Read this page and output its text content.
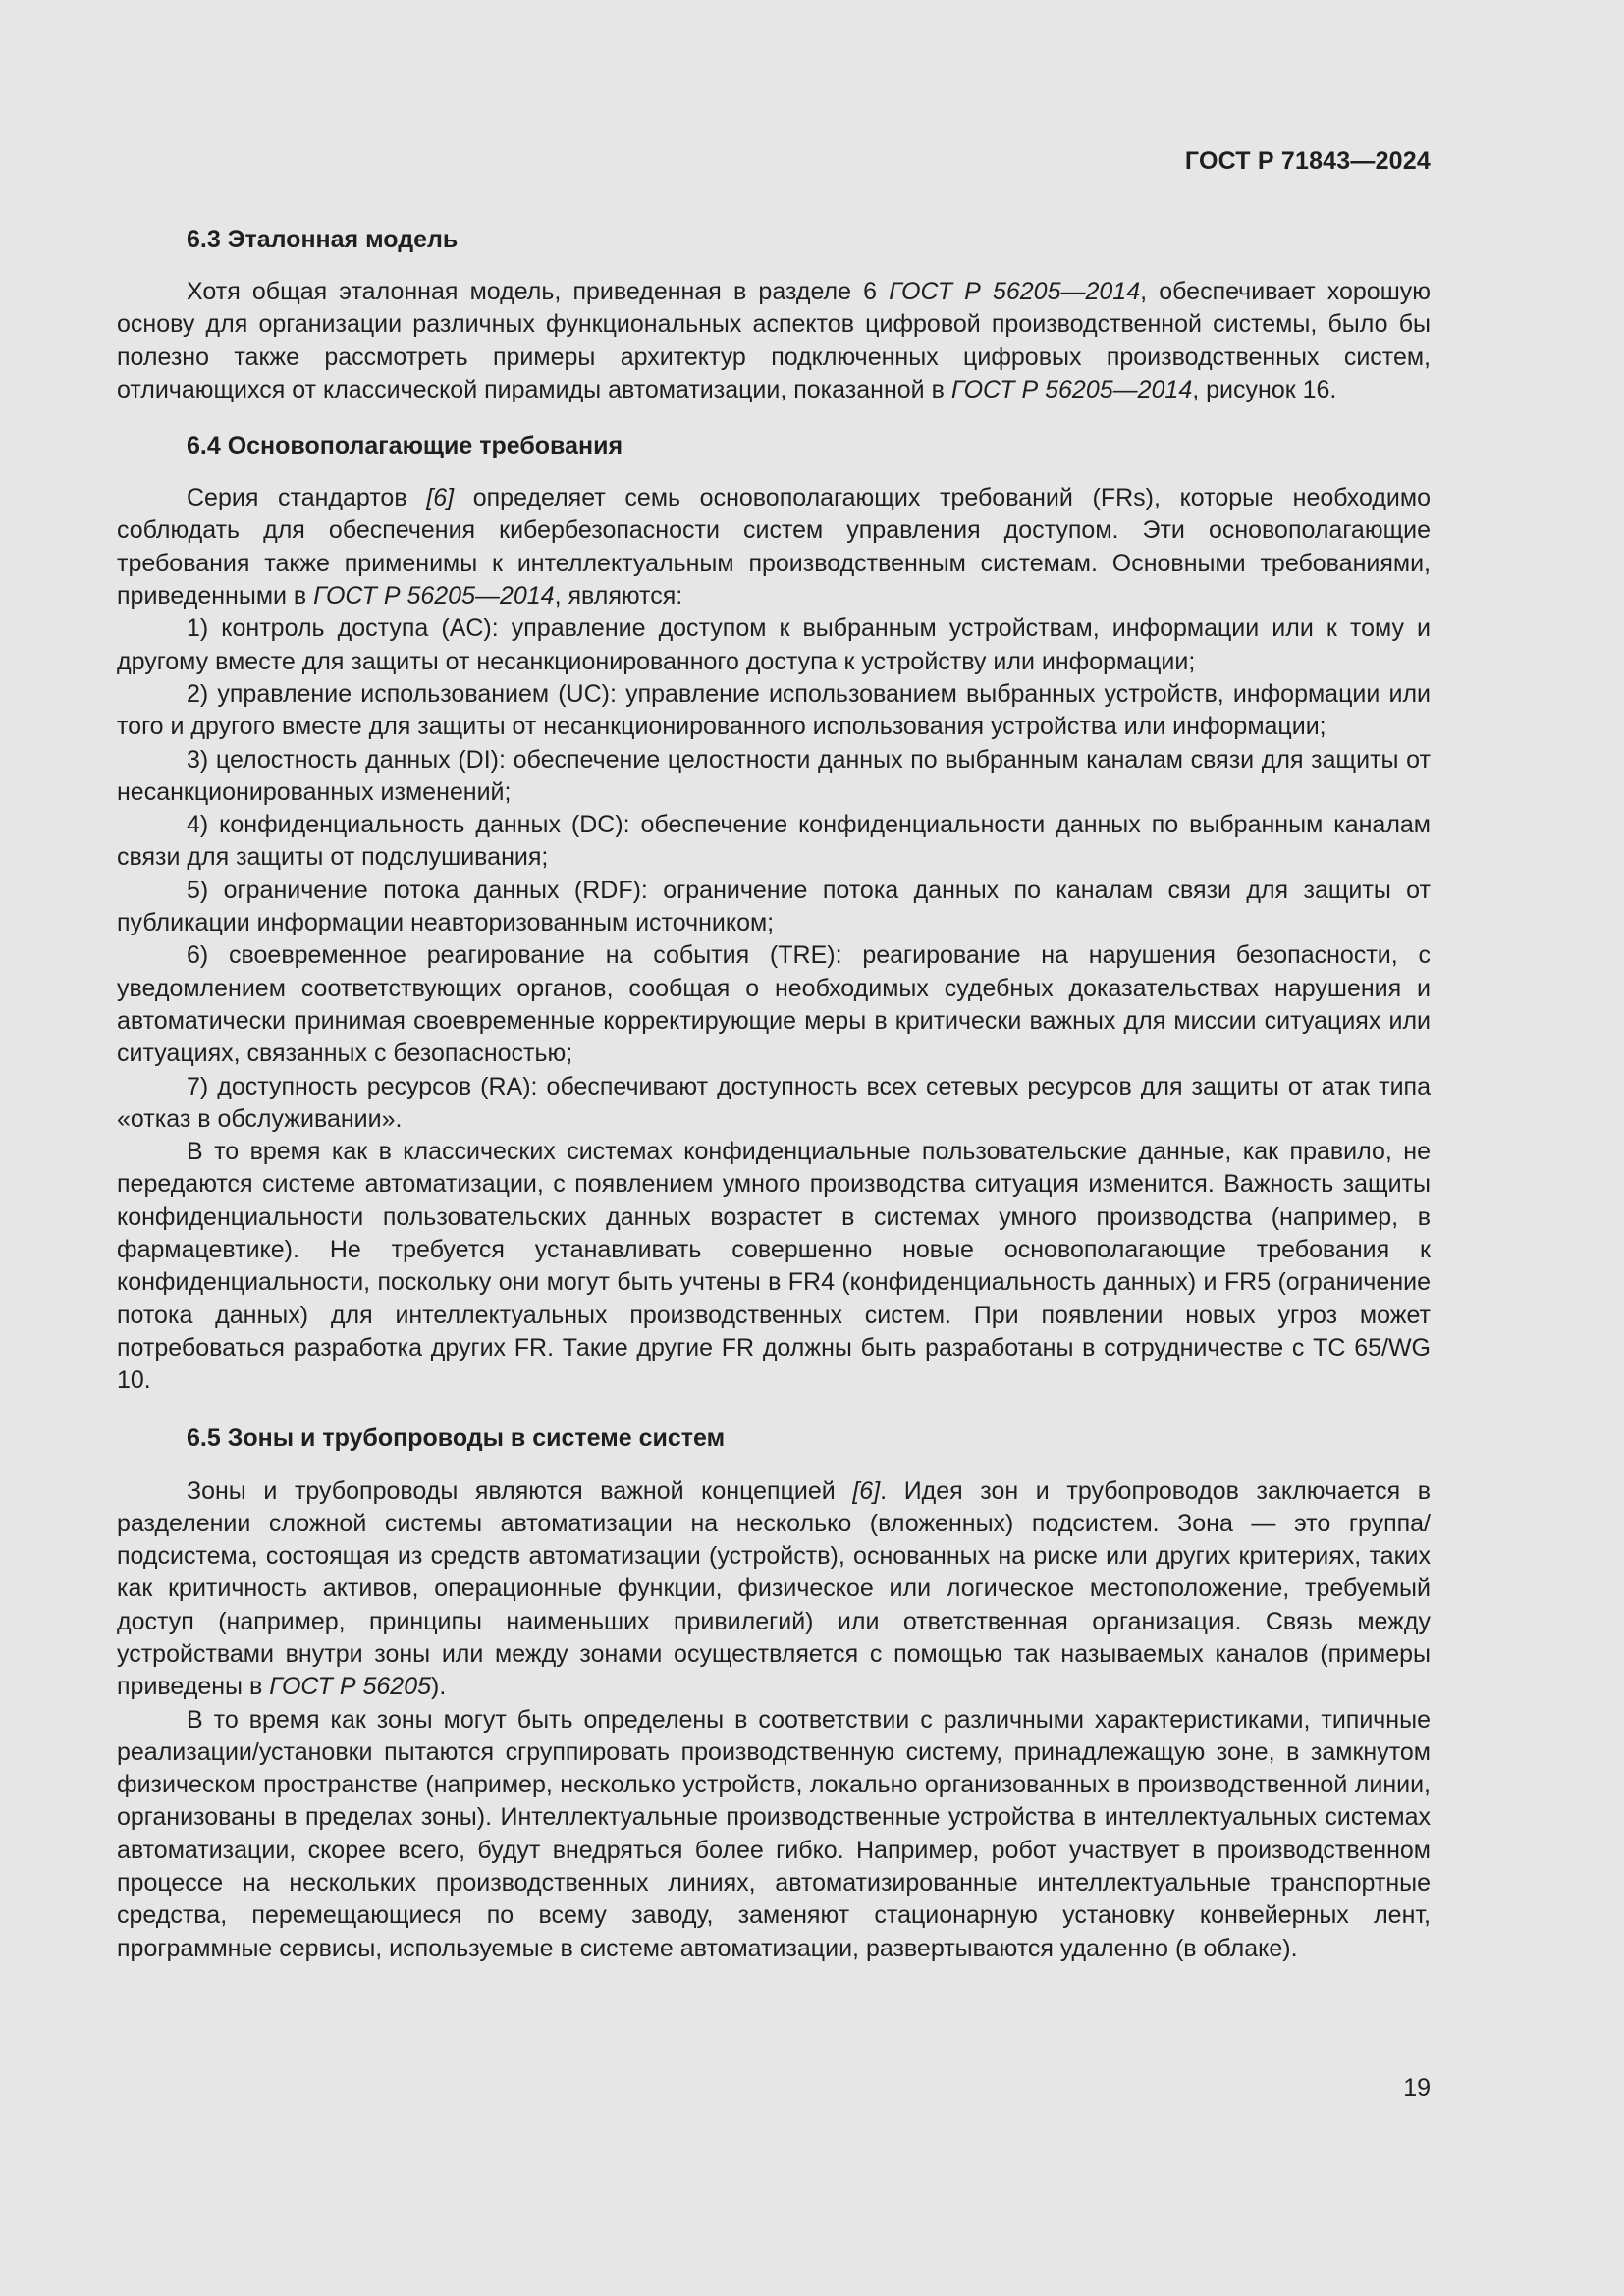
ГОСТ Р 71843—2024
6.3 Эталонная модель

Хотя общая эталонная модель, приведенная в разделе 6 ГОСТ Р 56205—2014, обеспечивает хорошую основу для организации различных функциональных аспектов цифровой производственной системы, было бы полезно также рассмотреть примеры архитектур подключенных цифровых производственных систем, отличающихся от классической пирамиды автоматизации, показанной в ГОСТ Р 56205—2014, рисунок 16.

6.4 Основополагающие требования

Серия стандартов [6] определяет семь основополагающих требований (FRs), которые необходимо соблюдать для обеспечения кибербезопасности систем управления доступом. Эти основополагающие требования также применимы к интеллектуальным производственным системам. Основными требованиями, приведенными в ГОСТ Р 56205—2014, являются:

1) контроль доступа (AC): управление доступом к выбранным устройствам, информации или к тому и другому вместе для защиты от несанкционированного доступа к устройству или информации;

2) управление использованием (UC): управление использованием выбранных устройств, информации или того и другого вместе для защиты от несанкционированного использования устройства или информации;

3) целостность данных (DI): обеспечение целостности данных по выбранным каналам связи для защиты от несанкционированных изменений;

4) конфиденциальность данных (DC): обеспечение конфиденциальности данных по выбранным каналам связи для защиты от подслушивания;

5) ограничение потока данных (RDF): ограничение потока данных по каналам связи для защиты от публикации информации неавторизованным источником;

6) своевременное реагирование на события (TRE): реагирование на нарушения безопасности, с уведомлением соответствующих органов, сообщая о необходимых судебных доказательствах нарушения и автоматически принимая своевременные корректирующие меры в критически важных для миссии ситуациях или ситуациях, связанных с безопасностью;

7) доступность ресурсов (RA): обеспечивают доступность всех сетевых ресурсов для защиты от атак типа «отказ в обслуживании».

В то время как в классических системах конфиденциальные пользовательские данные, как правило, не передаются системе автоматизации, с появлением умного производства ситуация изменится. Важность защиты конфиденциальности пользовательских данных возрастет в системах умного производства (например, в фармацевтике). Не требуется устанавливать совершенно новые основополагающие требования к конфиденциальности, поскольку они могут быть учтены в FR4 (конфиденциальность данных) и FR5 (ограничение потока данных) для интеллектуальных производственных систем. При появлении новых угроз может потребоваться разработка других FR. Такие другие FR должны быть разработаны в сотрудничестве с TC 65/WG 10.

6.5 Зоны и трубопроводы в системе систем

Зоны и трубопроводы являются важной концепцией [6]. Идея зон и трубопроводов заключается в разделении сложной системы автоматизации на несколько (вложенных) подсистем. Зона — это группа/подсистема, состоящая из средств автоматизации (устройств), основанных на риске или других критериях, таких как критичность активов, операционные функции, физическое или логическое местоположение, требуемый доступ (например, принципы наименьших привилегий) или ответственная организация. Связь между устройствами внутри зоны или между зонами осуществляется с помощью так называемых каналов (примеры приведены в ГОСТ Р 56205).

В то время как зоны могут быть определены в соответствии с различными характеристиками, типичные реализации/установки пытаются сгруппировать производственную систему, принадлежащую зоне, в замкнутом физическом пространстве (например, несколько устройств, локально организованных в производственной линии, организованы в пределах зоны). Интеллектуальные производственные устройства в интеллектуальных системах автоматизации, скорее всего, будут внедряться более гибко. Например, робот участвует в производственном процессе на нескольких производственных линиях, автоматизированные интеллектуальные транспортные средства, перемещающиеся по всему заводу, заменяют стационарную установку конвейерных лент, программные сервисы, используемые в системе автоматизации, развертываются удаленно (в облаке).

19
